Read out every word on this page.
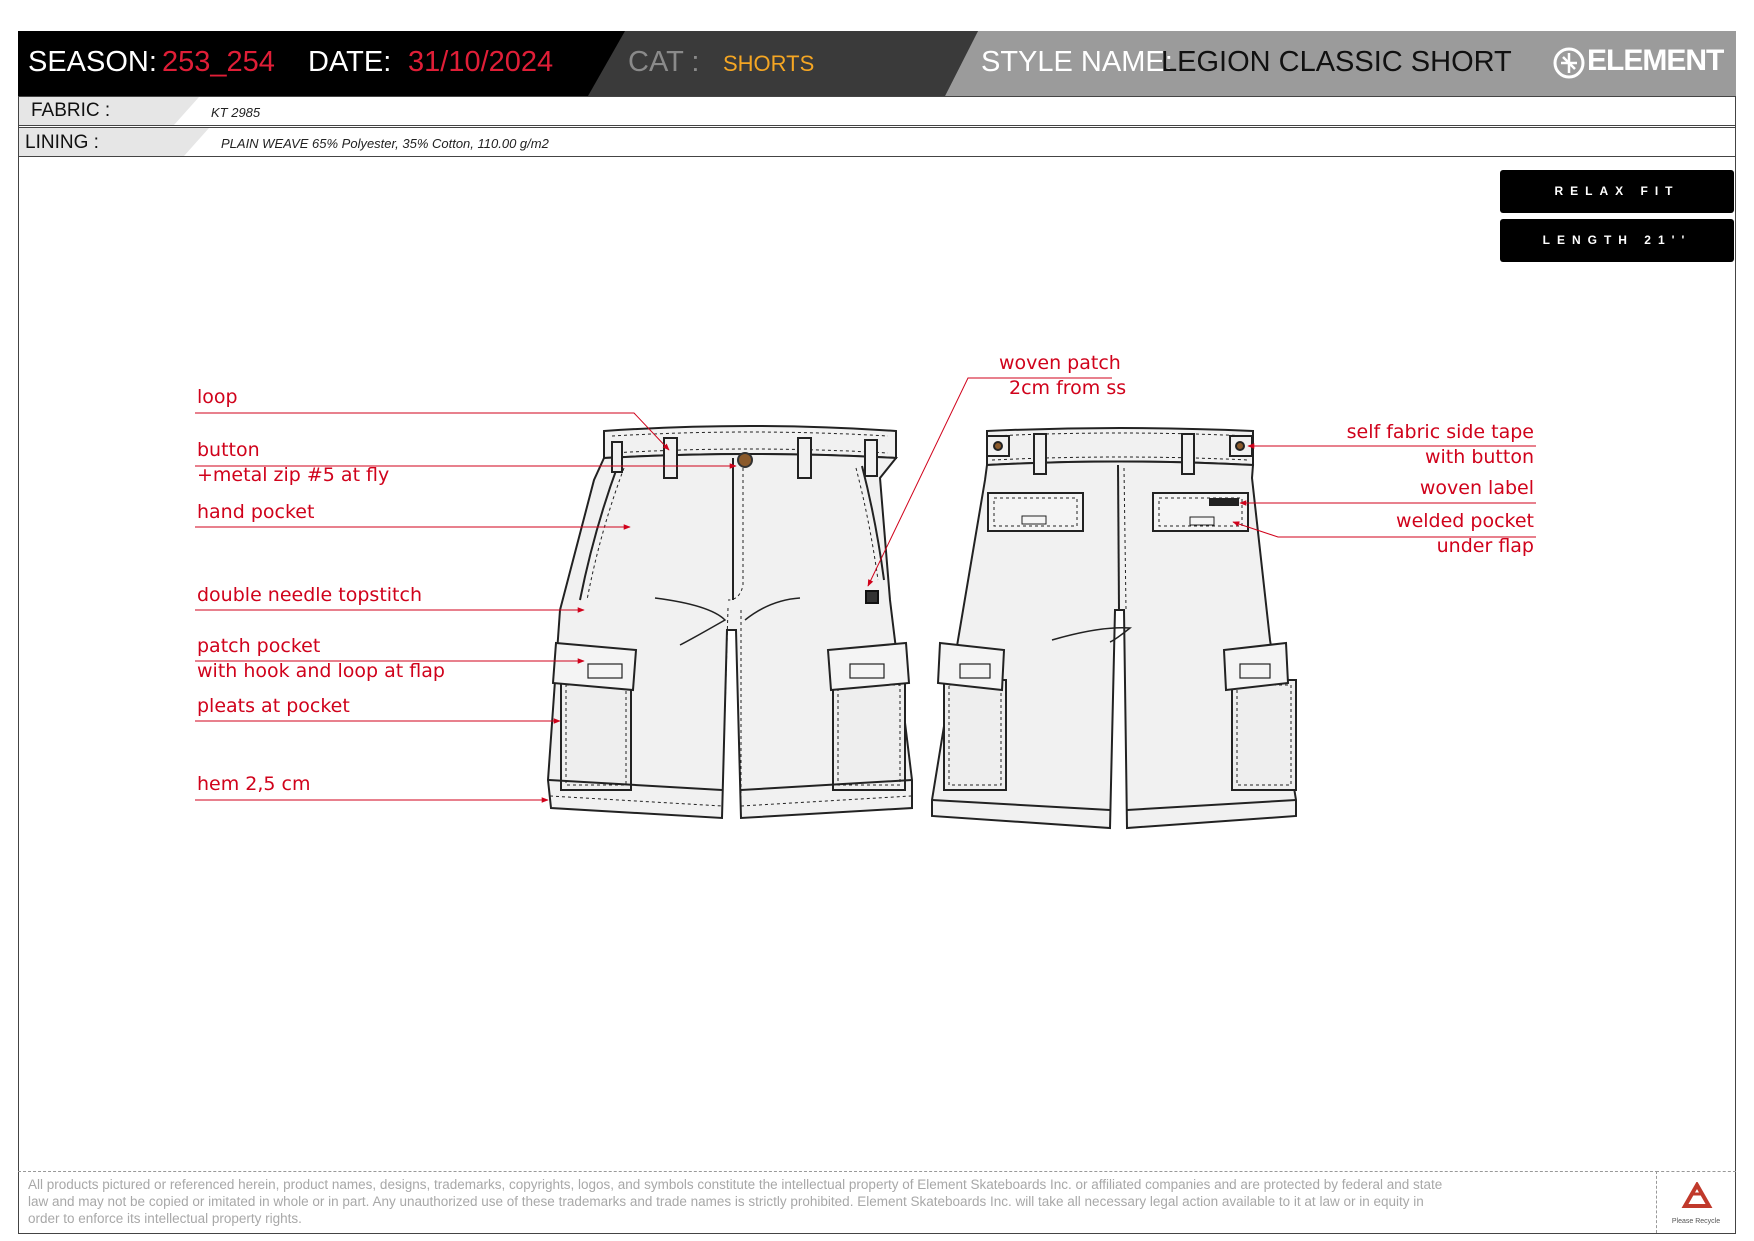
SEASON: 253_254 DATE: 31/10/2024	CAT : SHORTS	STYLE NAME:
LEGION CLASSIC SHORT	ELEMENT
FABRIC :	KT 2985
LINING :	PLAIN WEAVE 65% Polyester, 35% Cotton, 110.00 g/m2
RELAX FIT
LENGTH 21''
loop
button
+metal zip #5 at fly
hand pocket
double needle topstitch
patch pocket
with hook and loop at flap
pleats at pocket
hem 2,5 cm
woven patch
2cm from ss
self fabric side tape
with button
woven label
welded pocket
under flap

All products pictured or referenced herein, product names, designs, trademarks, copyrights, logos, and symbols constitute the intellectual property of Element Skateboards Inc. or affiliated companies and are protected by federal and state law and may not be copied or imitated in whole or in part. Any unauthorized use of these trademarks and trade names is strictly prohibited. Element Skateboards Inc. will take all necessary legal action available to it at law or in equity in order to enforce its intellectual property rights.	Please Recycle
